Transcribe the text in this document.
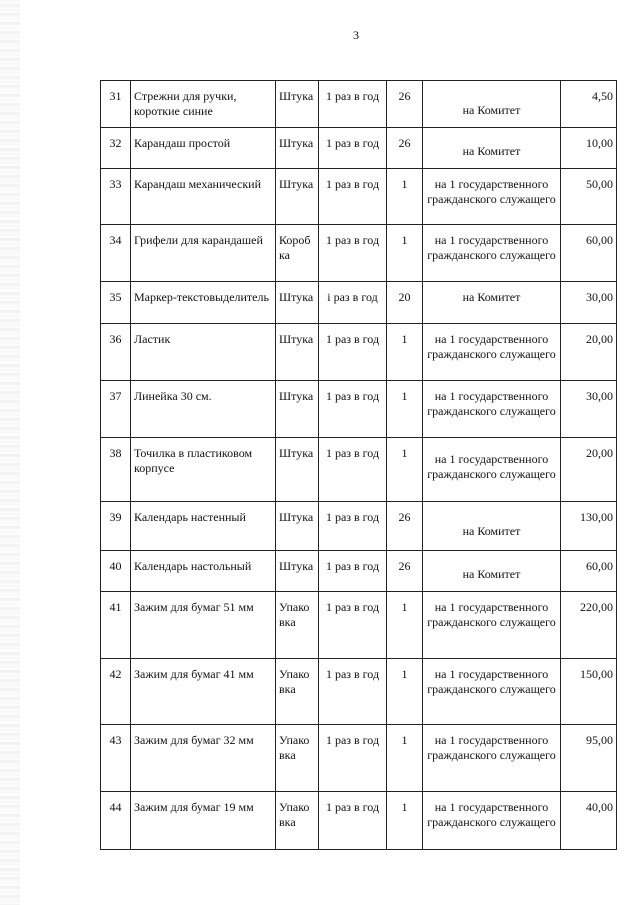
3
31	Стрежни для ручки, короткие синие	Штука	1 раз в год	26	на Комитет	4,50
32	Карандаш простой	Штука	1 раз в год	26	на Комитет	10,00
33	Карандаш механический	Штука	1 раз в год	1	на 1 государственного гражданского служащего	50,00
34	Грифели для карандашей	Короб ка	1 раз в год	1	на 1 государственного гражданского служащего	60,00
35	Маркер-текстовыделитель	Штука	i раз в год	20	на Комитет	30,00
36	Ластик	Штука	1 раз в год	1	на 1 государственного гражданского служащего	20,00
37	Линейка 30 см.	Штука	1 раз в год	1	на 1 государственного гражданского служащего	30,00
38	Точилка в пластиковом корпусе	Штука	1 раз в год	1	на 1 государственного гражданского служащего	20,00
39	Календарь настенный	Штука	1 раз в год	26	на Комитет	130,00
40	Календарь настольный	Штука	1 раз в год	26	на Комитет	60,00
41	Зажим для бумаг 51 мм	Упако вка	1 раз в год	1	на 1 государственного гражданского служащего	220,00
42	Зажим для бумаг 41 мм	Упако вка	1 раз в год	1	на 1 государственного гражданского служащего	150,00
43	Зажим для бумаг 32 мм	Упако вка	1 раз в год	1	на 1 государственного гражданского служащего	95,00
44	Зажим для бумаг 19 мм	Упако вка	1 раз в год	1	на 1 государственного гражданского служащего	40,00
